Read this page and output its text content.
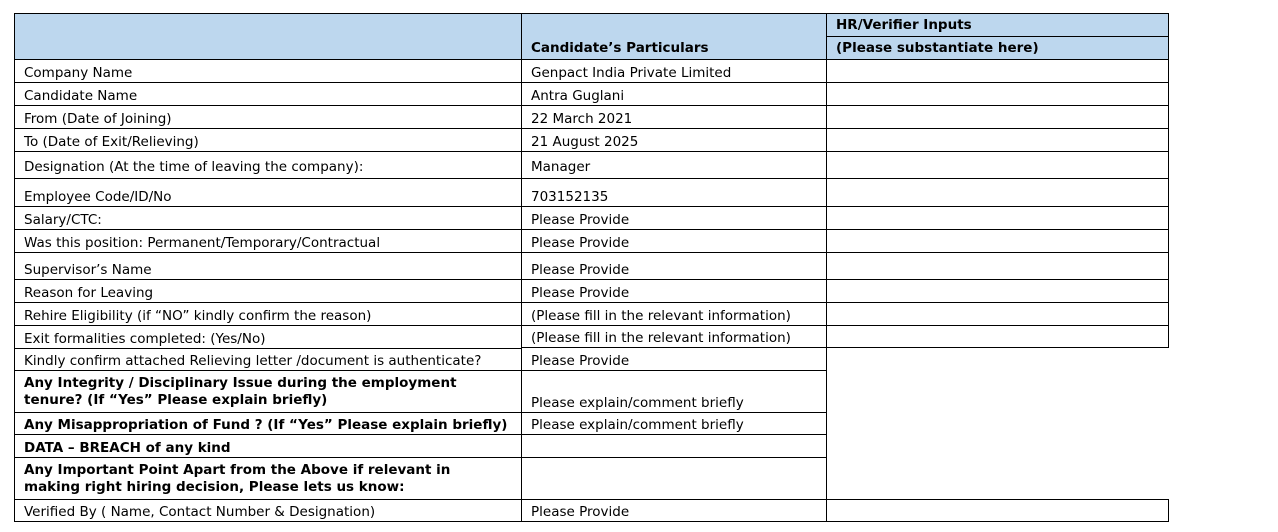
Candidate’s Particulars
HR/Verifier Inputs
(Please substantiate here)
Company Name	Genpact India Private Limited
Candidate Name	Antra Guglani
From (Date of Joining)	22 March 2021
To (Date of Exit/Relieving)	21 August 2025
Designation (At the time of leaving the company):	Manager
Employee Code/ID/No	703152135
Salary/CTC:	Please Provide
Was this position: Permanent/Temporary/Contractual	Please Provide
Supervisor’s Name	Please Provide
Reason for Leaving	Please Provide
Rehire Eligibility (if “NO” kindly confirm the reason)	(Please fill in the relevant information)
Exit formalities completed: (Yes/No)	(Please fill in the relevant information)
Kindly confirm attached Relieving letter /document is authenticate?	Please Provide
Any Integrity / Disciplinary Issue during the employment tenure? (If “Yes” Please explain briefly)	Please explain/comment briefly
Any Misappropriation of Fund ? (If “Yes” Please explain briefly)	Please explain/comment briefly
DATA – BREACH of any kind
Any Important Point Apart from the Above if relevant in making right hiring decision, Please lets us know:
Verified By ( Name, Contact Number & Designation)	Please Provide
